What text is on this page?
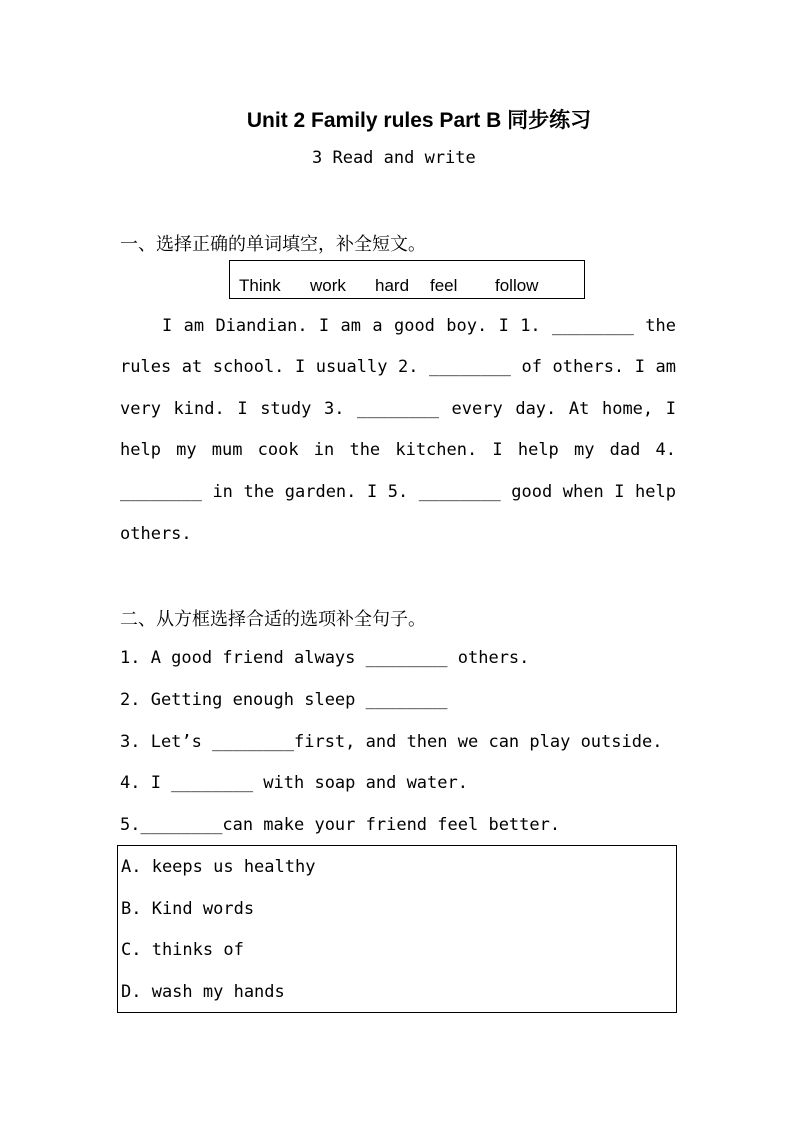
Unit 2 Family rules Part B 同步练习
3 Read and write
一、选择正确的单词填空，补全短文。
Think work hard feel follow
I am Diandian. I am a good boy. I 1. ________ the
rules at school. I usually 2. ________ of others. I am
very kind. I study 3. ________ every day. At home, I
help my mum cook in the kitchen. I help my dad 4.
________ in the garden. I 5. ________ good when I help
others.
二、从方框选择合适的选项补全句子。
1. A good friend always ________ others.
2. Getting enough sleep ________
3. Let’s ________first, and then we can play outside.
4. I ________ with soap and water.
5.________can make your friend feel better.
A. keeps us healthy
B. Kind words
C. thinks of
D. wash my hands
